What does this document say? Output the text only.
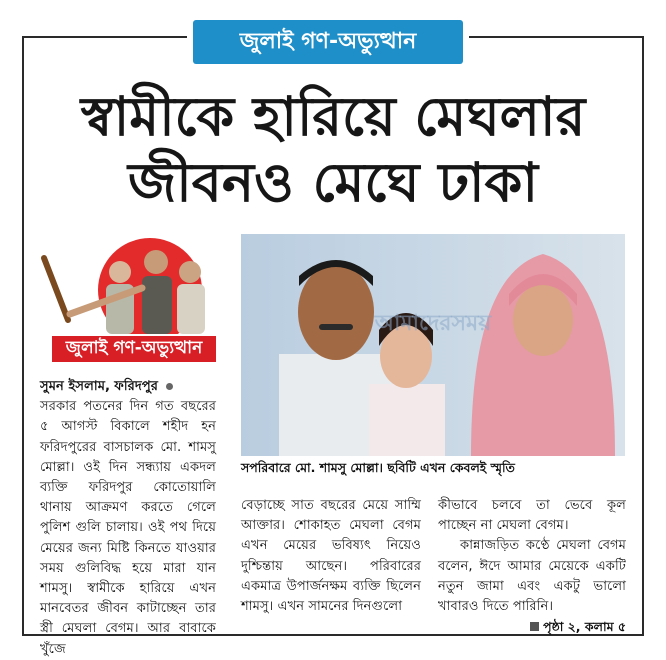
জুলাই গণ-অভ্যুত্থান
স্বামীকে হারিয়ে মেঘলার
জীবনও মেঘে ঢাকা
জুলাই গণ-অভ্যুত্থান
আমাদেরসময়
সপরিবারে মো. শামসু মোল্লা। ছবিটি এখন কেবলই স্মৃতি

সুমন ইসলাম, ফরিদপুর

সরকার পতনের দিন গত বছরের ৫ আগস্ট বিকালে শহীদ হন ফরিদপুরের বাসচালক মো. শামসু মোল্লা। ওই দিন সন্ধ্যায় একদল ব্যক্তি ফরিদপুর কোতোয়ালি থানায় আক্রমণ করতে গেলে পুলিশ গুলি চালায়। ওই পথ দিয়ে মেয়ের জন্য মিষ্টি কিনতে যাওয়ার সময় গুলিবিদ্ধ হয়ে মারা যান শামসু। স্বামীকে হারিয়ে এখন মানবেতর জীবন কাটাচ্ছেন তার স্ত্রী মেঘলা বেগম। আর বাবাকে খুঁজে

বেড়াচ্ছে সাত বছরের মেয়ে সাম্মি আক্তার। শোকাহত মেঘলা বেগম এখন মেয়ের ভবিষ্যৎ নিয়েও দুশ্চিন্তায় আছেন। পরিবারের একমাত্র উপার্জনক্ষম ব্যক্তি ছিলেন শামসু। এখন সামনের দিনগুলো

কীভাবে চলবে তা ভেবে কূল পাচ্ছেন না মেঘলা বেগম।

কান্নাজড়িত কণ্ঠে মেঘলা বেগম বলেন, ঈদে আমার মেয়েকে একটি নতুন জামা এবং একটু ভালো খাবারও দিতে পারিনি।

পৃষ্ঠা ২, কলাম ৫
